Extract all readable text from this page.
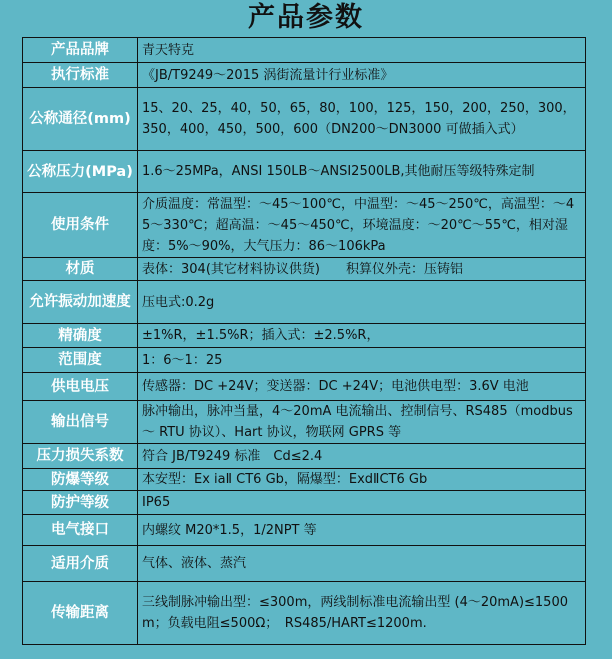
产品参数
产品品牌	青天特克
执行标准	《JB/T9249～2015 涡街流量计行业标准》
公称通径(mm)	15、20、25，40，50，65，80，100，125，150，200，250，300，350，400，450，500，600（DN200～DN3000 可做插入式）
公称压力(MPa)	1.6～25MPa，ANSI 150LB～ANSI2500LB,其他耐压等级特殊定制
使用条件	介质温度：常温型：～45～100℃，中温型：～45～250℃，高温型：～45～330℃；超高温：～45～450℃，环境温度：～20℃～55℃，相对湿度：5%～90%，大气压力：86～106kPa
材质	表体：304(其它材料协议供货)　　积算仪外壳：压铸铝
允许振动加速度	压电式:0.2g
精确度	±1%R，±1.5%R；插入式：±2.5%R，
范围度	1：6～1：25
供电电压	传感器：DC +24V；变送器：DC +24V；电池供电型：3.6V 电池
输出信号	脉冲输出，脉冲当量，4～20mA 电流输出、控制信号、RS485（modbus～ RTU 协议）、Hart 协议，物联网 GPRS 等
压力损失系数	符合 JB/T9249 标准　Cd≤2.4
防爆等级	本安型：Ex iaⅡ CT6 Gb，隔爆型：ExdⅡCT6 Gb
防护等级	IP65
电气接口	内螺纹 M20*1.5，1/2NPT 等
适用介质	气体、液体、蒸汽
传输距离	三线制脉冲输出型：≤300m，两线制标准电流输出型 (4～20mA)≤1500m；负载电阻≤500Ω；　RS485/HART≤1200m.
